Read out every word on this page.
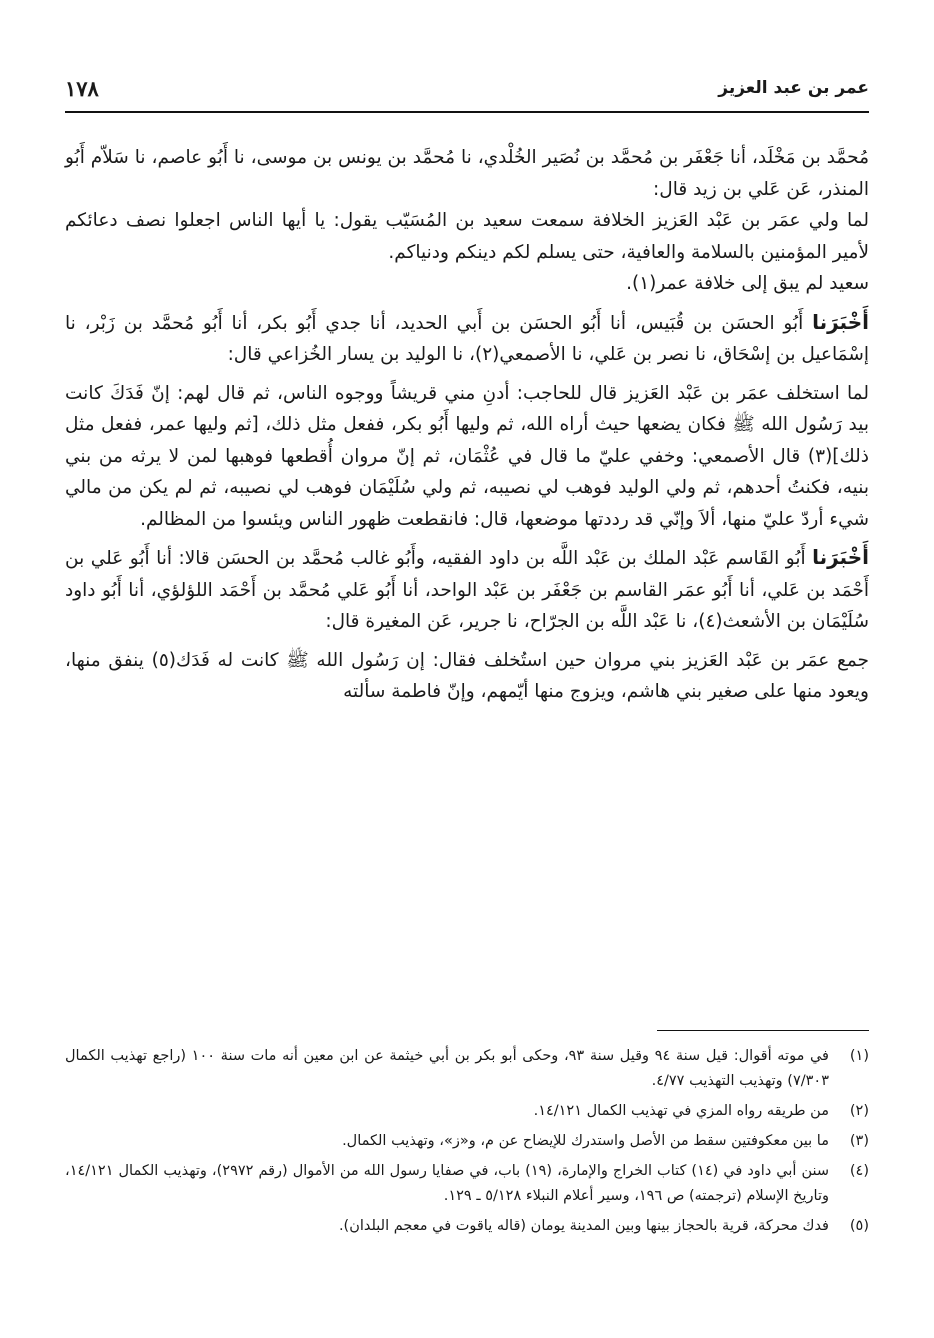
١٧٨	عمر بن عبد العزيز

مُحمَّد بن مَخْلَد، أنا جَعْفَر بن مُحمَّد بن نُصَير الخُلْدي، نا مُحمَّد بن يونس بن موسى، نا أَبُو عاصم، نا سَلاّم أَبُو المنذر، عَن عَلي بن زيد قال:

لما ولي عمَر بن عَبْد العَزيز الخلافة سمعت سعيد بن المُسَيّب يقول: يا أيها الناس اجعلوا نصف دعائكم لأمير المؤمنين بالسلامة والعافية، حتى يسلم لكم دينكم ودنياكم.

سعيد لم يبق إلى خلافة عمر(١).

أَخْبَرَنا أَبُو الحسَن بن قُبَيس، أنا أَبُو الحسَن بن أَبي الحديد، أنا جدي أَبُو بكر، أنا أَبُو مُحمَّد بن زَبْر، نا إسْمَاعيل بن إسْحَاق، نا نصر بن عَلي، نا الأصمعي(٢)، نا الوليد بن يسار الخُزاعي قال:

لما استخلف عمَر بن عَبْد العَزيز قال للحاجب: أدنِ مني قريشاً ووجوه الناس، ثم قال لهم: إنّ فَدَكَ كانت بيد رَسُول الله ﷺ فكان يضعها حيث أراه الله، ثم وليها أَبُو بكر، ففعل مثل ذلك، [ثم وليها عمر، ففعل مثل ذلك](٣) قال الأصمعي: وخفي عليّ ما قال في عُثْمَان، ثم إنّ مروان أُقطعها فوهبها لمن لا يرثه من بني بنيه، فكنتُ أحدهم، ثم ولي الوليد فوهب لي نصيبه، ثم ولي سُلَيْمَان فوهب لي نصيبه، ثم لم يكن من مالي شيء أردّ عليّ منها، ألاَ وإنّي قد رددتها موضعها، قال: فانقطعت ظهور الناس ويئسوا من المظالم.

أَخْبَرَنا أَبُو القَاسم عَبْد الملك بن عَبْد اللَّه بن داود الفقيه، وأَبُو غالب مُحمَّد بن الحسَن قالا: أنا أَبُو عَلي بن أَحْمَد بن عَلي، أنا أَبُو عمَر القاسم بن جَعْفَر بن عَبْد الواحد، أنا أَبُو عَلي مُحمَّد بن أَحْمَد اللؤلؤي، أنا أَبُو داود سُلَيْمَان بن الأشعث(٤)، نا عَبْد اللَّه بن الجرّاح، نا جرير، عَن المغيرة قال:

جمع عمَر بن عَبْد العَزيز بني مروان حين استُخلف فقال: إن رَسُول الله ﷺ كانت له فَدَك(٥) ينفق منها، ويعود منها على صغير بني هاشم، ويزوج منها أيّمهم، وإنّ فاطمة سألته

(١)
في موته أقوال: قيل سنة ٩٤ وقيل سنة ٩٣، وحكى أبو بكر بن أبي خيثمة عن ابن معين أنه مات سنة ١٠٠ (راجع تهذيب الكمال ٧/٣٠٣) وتهذيب التهذيب ٤/٧٧.
(٢)
من طريقه رواه المزي في تهذيب الكمال ١٤/١٢١.
(٣)
ما بين معكوفتين سقط من الأصل واستدرك للإيضاح عن م، و«ز»، وتهذيب الكمال.
(٤)
سنن أبي داود في (١٤) كتاب الخراج والإمارة، (١٩) باب، في صفايا رسول الله من الأموال (رقم ٢٩٧٢)، وتهذيب الكمال ١٤/١٢١، وتاريخ الإسلام (ترجمته) ص ١٩٦، وسير أعلام النبلاء ٥/١٢٨ ـ ١٢٩.
(٥)
فدك محركة، قرية بالحجاز بينها وبين المدينة يومان (قاله ياقوت في معجم البلدان).
